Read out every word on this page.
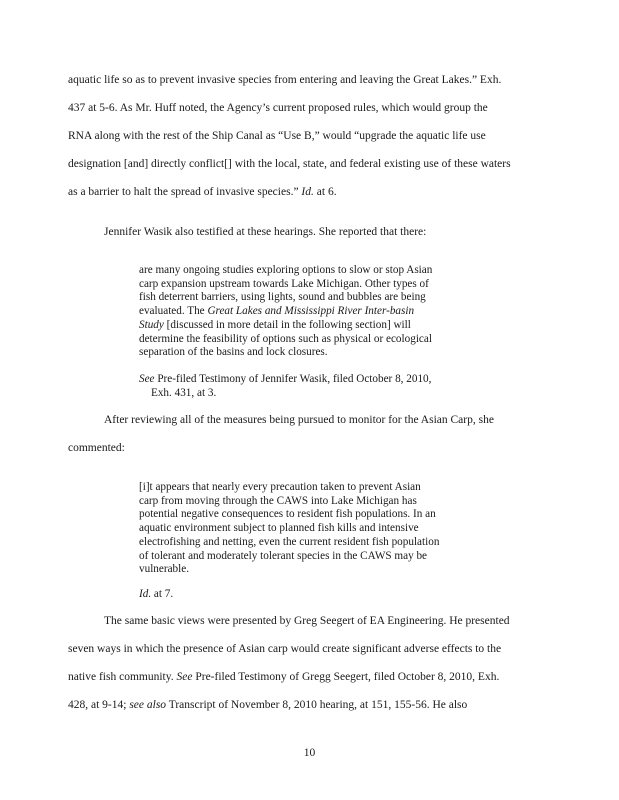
aquatic life so as to prevent invasive species from entering and leaving the Great Lakes.” Exh.
437 at 5-6. As Mr. Huff noted, the Agency’s current proposed rules, which would group the
RNA along with the rest of the Ship Canal as “Use B,” would “upgrade the aquatic life use
designation [and] directly conflict[] with the local, state, and federal existing use of these waters
as a barrier to halt the spread of invasive species.” Id. at 6.
Jennifer Wasik also testified at these hearings. She reported that there:
are many ongoing studies exploring options to slow or stop Asian
carp expansion upstream towards Lake Michigan. Other types of
fish deterrent barriers, using lights, sound and bubbles are being
evaluated. The Great Lakes and Mississippi River Inter-basin
Study [discussed in more detail in the following section] will
determine the feasibility of options such as physical or ecological
separation of the basins and lock closures.
See Pre-filed Testimony of Jennifer Wasik, filed October 8, 2010,
Exh. 431, at 3.
After reviewing all of the measures being pursued to monitor for the Asian Carp, she
commented:
[i]t appears that nearly every precaution taken to prevent Asian
carp from moving through the CAWS into Lake Michigan has
potential negative consequences to resident fish populations. In an
aquatic environment subject to planned fish kills and intensive
electrofishing and netting, even the current resident fish population
of tolerant and moderately tolerant species in the CAWS may be
vulnerable.
Id. at 7.
The same basic views were presented by Greg Seegert of EA Engineering. He presented
seven ways in which the presence of Asian carp would create significant adverse effects to the
native fish community. See Pre-filed Testimony of Gregg Seegert, filed October 8, 2010, Exh.
428, at 9-14; see also Transcript of November 8, 2010 hearing, at 151, 155-56. He also
10
